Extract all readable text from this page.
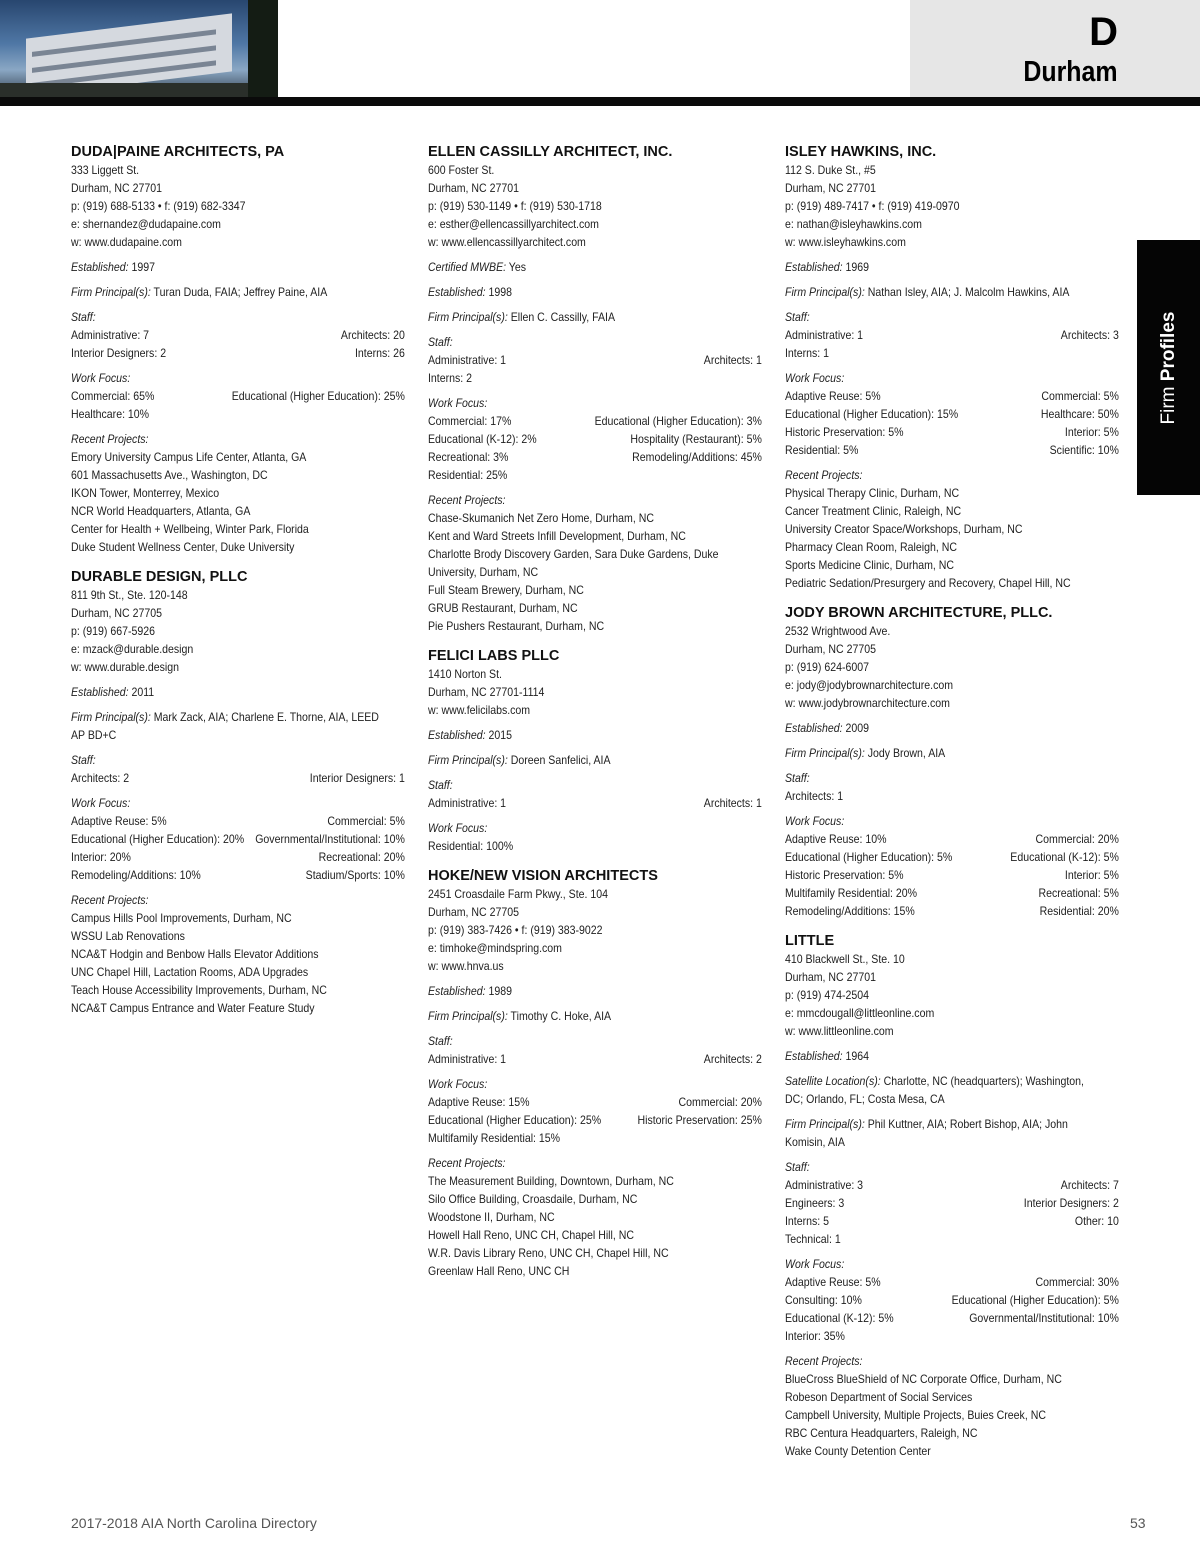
D
Durham
Firm Profiles
DUDA|PAINE ARCHITECTS, PA
333 Liggett St.
Durham, NC 27701
p: (919) 688-5133 • f: (919) 682-3347
e: shernandez@dudapaine.com
w: www.dudapaine.com
Established: 1997
Firm Principal(s): Turan Duda, FAIA; Jeffrey Paine, AIA
Staff:
Administrative: 7	Architects: 20
Interior Designers: 2	Interns: 26
Work Focus:
Commercial: 65%	Educational (Higher Education): 25%
Healthcare: 10%
Recent Projects:
Emory University Campus Life Center, Atlanta, GA
601 Massachusetts Ave., Washington, DC
IKON Tower, Monterrey, Mexico
NCR World Headquarters, Atlanta, GA
Center for Health + Wellbeing, Winter Park, Florida
Duke Student Wellness Center, Duke University
DURABLE DESIGN, PLLC
811 9th St., Ste. 120-148
Durham, NC 27705
p: (919) 667-5926
e: mzack@durable.design
w: www.durable.design
Established: 2011
Firm Principal(s): Mark Zack, AIA; Charlene E. Thorne, AIA, LEED
AP BD+C
Staff:
Architects: 2	Interior Designers: 1
Work Focus:
Adaptive Reuse: 5%	Commercial: 5%
Educational (Higher Education): 20% Governmental/Institutional: 10%
Interior: 20%	Recreational: 20%
Remodeling/Additions: 10%	Stadium/Sports: 10%
Recent Projects:
Campus Hills Pool Improvements, Durham, NC
WSSU Lab Renovations
NCA&T Hodgin and Benbow Halls Elevator Additions
UNC Chapel Hill, Lactation Rooms, ADA Upgrades
Teach House Accessibility Improvements, Durham, NC
NCA&T Campus Entrance and Water Feature Study
ELLEN CASSILLY ARCHITECT, INC.
600 Foster St.
Durham, NC 27701
p: (919) 530-1149 • f: (919) 530-1718
e: esther@ellencassillyarchitect.com
w: www.ellencassillyarchitect.com
Certified MWBE: Yes
Established: 1998
Firm Principal(s): Ellen C. Cassilly, FAIA
Staff:
Administrative: 1	Architects: 1
Interns: 2
Work Focus:
Commercial: 17%	Educational (Higher Education): 3%
Educational (K-12): 2%	Hospitality (Restaurant): 5%
Recreational: 3%	Remodeling/Additions: 45%
Residential: 25%
Recent Projects:
Chase-Skumanich Net Zero Home, Durham, NC
Kent and Ward Streets Infill Development, Durham, NC
Charlotte Brody Discovery Garden, Sara Duke Gardens, Duke
University, Durham, NC
Full Steam Brewery, Durham, NC
GRUB Restaurant, Durham, NC
Pie Pushers Restaurant, Durham, NC
FELICI LABS PLLC
1410 Norton St.
Durham, NC 27701-1114
w: www.felicilabs.com
Established: 2015
Firm Principal(s): Doreen Sanfelici, AIA
Staff:
Administrative: 1	Architects: 1
Work Focus:
Residential: 100%
HOKE/NEW VISION ARCHITECTS
2451 Croasdaile Farm Pkwy., Ste. 104
Durham, NC 27705
p: (919) 383-7426 • f: (919) 383-9022
e: timhoke@mindspring.com
w: www.hnva.us
Established: 1989
Firm Principal(s): Timothy C. Hoke, AIA
Staff:
Administrative: 1	Architects: 2
Work Focus:
Adaptive Reuse: 15%	Commercial: 20%
Educational (Higher Education): 25%	Historic Preservation: 25%
Multifamily Residential: 15%
Recent Projects:
The Measurement Building, Downtown, Durham, NC
Silo Office Building, Croasdaile, Durham, NC
Woodstone II, Durham, NC
Howell Hall Reno, UNC CH, Chapel Hill, NC
W.R. Davis Library Reno, UNC CH, Chapel Hill, NC
Greenlaw Hall Reno, UNC CH
ISLEY HAWKINS, INC.
112 S. Duke St., #5
Durham, NC 27701
p: (919) 489-7417 • f: (919) 419-0970
e: nathan@isleyhawkins.com
w: www.isleyhawkins.com
Established: 1969
Firm Principal(s): Nathan Isley, AIA; J. Malcolm Hawkins, AIA
Staff:
Administrative: 1	Architects: 3
Interns: 1
Work Focus:
Adaptive Reuse: 5%	Commercial: 5%
Educational (Higher Education): 15%	Healthcare: 50%
Historic Preservation: 5%	Interior: 5%
Residential: 5%	Scientific: 10%
Recent Projects:
Physical Therapy Clinic, Durham, NC
Cancer Treatment Clinic, Raleigh, NC
University Creator Space/Workshops, Durham, NC
Pharmacy Clean Room, Raleigh, NC
Sports Medicine Clinic, Durham, NC
Pediatric Sedation/Presurgery and Recovery, Chapel Hill, NC
JODY BROWN ARCHITECTURE, PLLC.
2532 Wrightwood Ave.
Durham, NC 27705
p: (919) 624-6007
e: jody@jodybrownarchitecture.com
w: www.jodybrownarchitecture.com
Established: 2009
Firm Principal(s): Jody Brown, AIA
Staff:
Architects: 1
Work Focus:
Adaptive Reuse: 10%	Commercial: 20%
Educational (Higher Education): 5%	Educational (K-12): 5%
Historic Preservation: 5%	Interior: 5%
Multifamily Residential: 20%	Recreational: 5%
Remodeling/Additions: 15%	Residential: 20%
LITTLE
410 Blackwell St., Ste. 10
Durham, NC 27701
p: (919) 474-2504
e: mmcdougall@littleonline.com
w: www.littleonline.com
Established: 1964
Satellite Location(s): Charlotte, NC (headquarters); Washington,
DC; Orlando, FL; Costa Mesa, CA
Firm Principal(s): Phil Kuttner, AIA; Robert Bishop, AIA; John
Komisin, AIA
Staff:
Administrative: 3	Architects: 7
Engineers: 3	Interior Designers: 2
Interns: 5	Other: 10
Technical: 1
Work Focus:
Adaptive Reuse: 5%	Commercial: 30%
Consulting: 10%	Educational (Higher Education): 5%
Educational (K-12): 5%	Governmental/Institutional: 10%
Interior: 35%
Recent Projects:
BlueCross BlueShield of NC Corporate Office, Durham, NC
Robeson Department of Social Services
Campbell University, Multiple Projects, Buies Creek, NC
RBC Centura Headquarters, Raleigh, NC
Wake County Detention Center
2017-2018 AIA North Carolina Directory	53
